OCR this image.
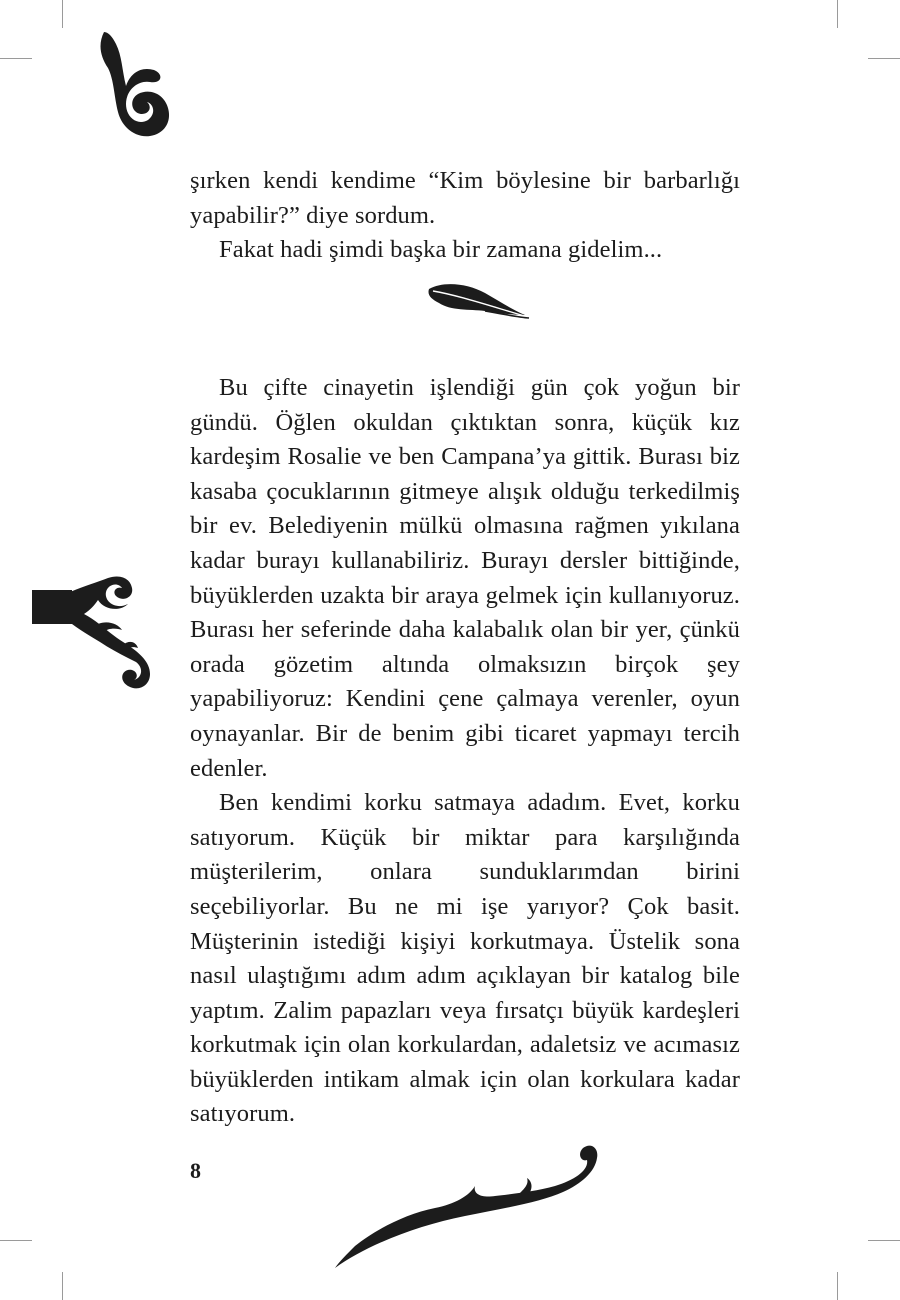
şırken kendi kendime “Kim böylesine bir barbarlığı yapabilir?” diye sordum.

Fakat hadi şimdi başka bir zamana gidelim...

Bu çifte cinayetin işlendiği gün çok yoğun bir gündü. Öğlen okuldan çıktıktan sonra, küçük kız kardeşim Rosalie ve ben Campana’ya gittik. Burası biz kasaba çocuklarının gitmeye alışık olduğu terkedilmiş bir ev. Belediyenin mülkü olmasına rağmen yıkılana kadar burayı kullanabiliriz. Burayı dersler bittiğinde, büyüklerden uzakta bir araya gelmek için kullanıyoruz. Burası her seferinde daha kalabalık olan bir yer, çünkü orada gözetim altında olmaksızın birçok şey yapabiliyoruz: Kendini çene çalmaya verenler, oyun oynayanlar. Bir de benim gibi ticaret yapmayı tercih edenler.

Ben kendimi korku satmaya adadım. Evet, korku satıyorum. Küçük bir miktar para karşılığında müşterilerim, onlara sunduklarımdan birini seçebiliyorlar. Bu ne mi işe yarıyor? Çok basit. Müşterinin istediği kişiyi korkutmaya. Üstelik sona nasıl ulaştığımı adım adım açıklayan bir katalog bile yaptım. Zalim papazları veya fırsatçı büyük kardeşleri korkutmak için olan korkulardan, adaletsiz ve acımasız büyüklerden intikam almak için olan korkulara kadar satıyorum.

8
